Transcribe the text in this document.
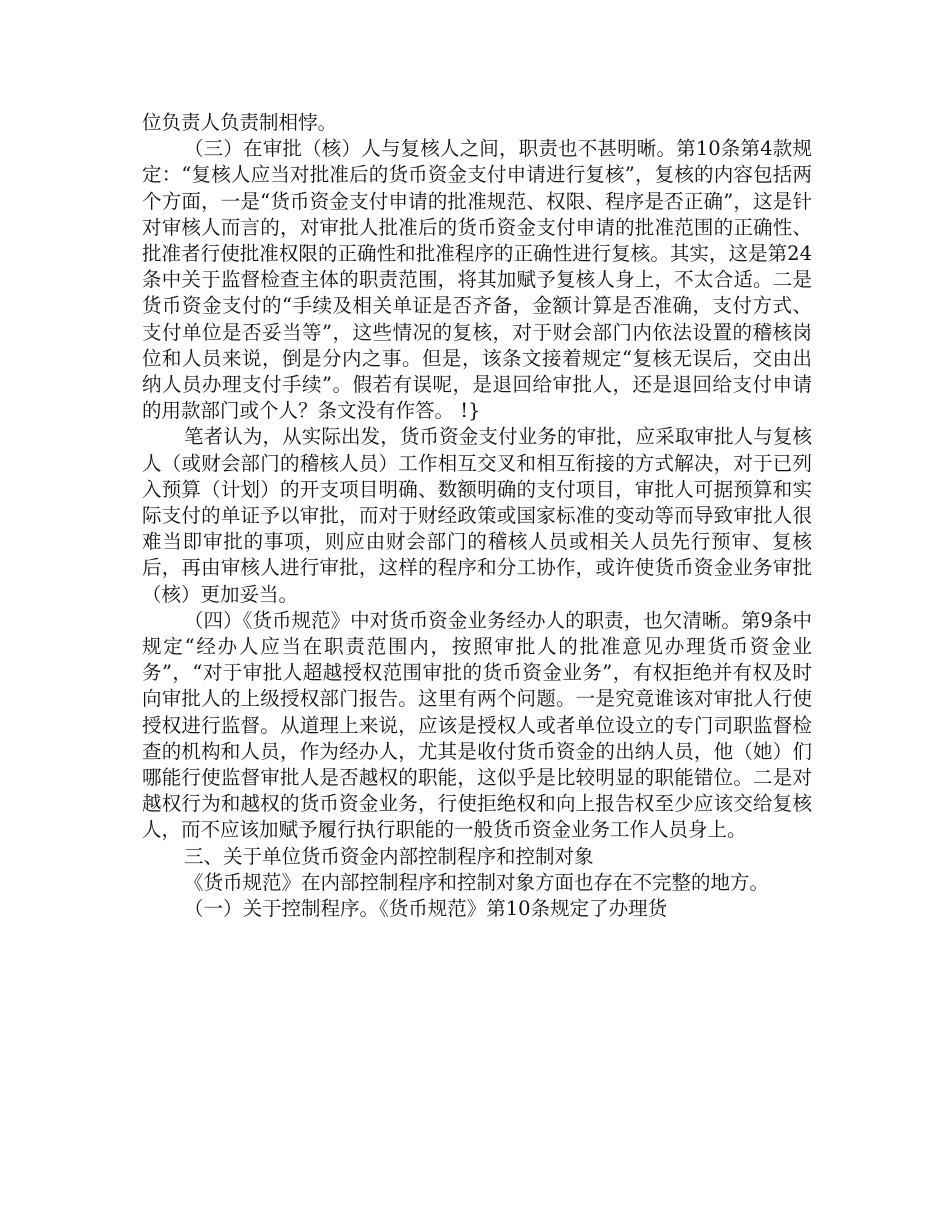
位负责人负责制相悖。

（三）在审批（核）人与复核人之间，职责也不甚明晰。第10条第4款规定：“复核人应当对批准后的货币资金支付申请进行复核”，复核的内容包括两个方面，一是“货币资金支付申请的批准规范、权限、程序是否正确”，这是针对审核人而言的，对审批人批准后的货币资金支付申请的批准范围的正确性、批准者行使批准权限的正确性和批准程序的正确性进行复核。其实，这是第24条中关于监督检查主体的职责范围，将其加赋予复核人身上，不太合适。二是货币资金支付的“手续及相关单证是否齐备，金额计算是否准确，支付方式、支付单位是否妥当等”，这些情况的复核，对于财会部门内依法设置的稽核岗位和人员来说，倒是分内之事。但是，该条文接着规定“复核无误后，交由出纳人员办理支付手续”。假若有误呢，是退回给审批人，还是退回给支付申请的用款部门或个人？条文没有作答。 !}

笔者认为，从实际出发，货币资金支付业务的审批，应采取审批人与复核人（或财会部门的稽核人员）工作相互交叉和相互衔接的方式解决，对于已列入预算（计划）的开支项目明确、数额明确的支付项目，审批人可据预算和实际支付的单证予以审批，而对于财经政策或国家标准的变动等而导致审批人很难当即审批的事项，则应由财会部门的稽核人员或相关人员先行预审、复核后，再由审核人进行审批，这样的程序和分工协作，或许使货币资金业务审批（核）更加妥当。

（四）《货币规范》中对货币资金业务经办人的职责，也欠清晰。第9条中规定“经办人应当在职责范围内，按照审批人的批准意见办理货币资金业务”，“对于审批人超越授权范围审批的货币资金业务”，有权拒绝并有权及时向审批人的上级授权部门报告。这里有两个问题。一是究竟谁该对审批人行使授权进行监督。从道理上来说，应该是授权人或者单位设立的专门司职监督检查的机构和人员，作为经办人，尤其是收付货币资金的出纳人员，他（她）们哪能行使监督审批人是否越权的职能，这似乎是比较明显的职能错位。二是对越权行为和越权的货币资金业务，行使拒绝权和向上报告权至少应该交给复核人，而不应该加赋予履行执行职能的一般货币资金业务工作人员身上。

三、关于单位货币资金内部控制程序和控制对象

《货币规范》在内部控制程序和控制对象方面也存在不完整的地方。

（一）关于控制程序。《货币规范》第10条规定了办理货
